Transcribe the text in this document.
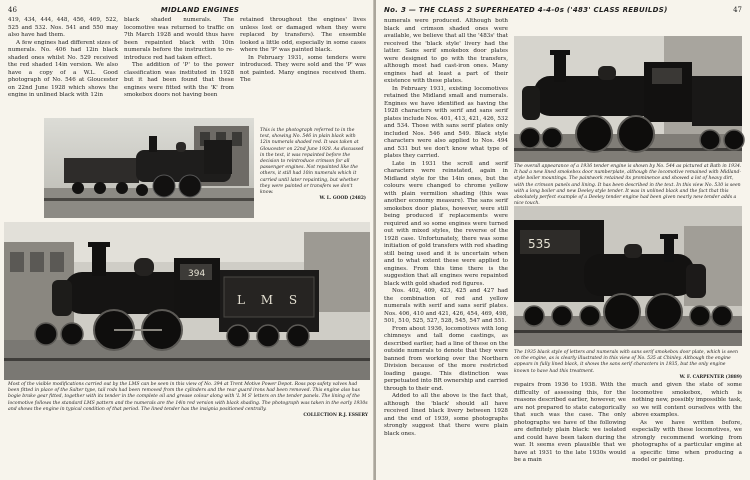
46	MIDLAND ENGINES

419, 434, 444, 448, 456, 469, 522, 525 and 532. Nos. 541 and 550 may also have had them.

A few engines had different sizes of numerals. No. 406 had 12in black shaded ones whilst No. 529 received the red shaded 14in version. We also have a copy of a W.L. Good photograph of No. 546 at Gloucester on 22nd June 1928 which shows the engine in unlined black with 12in

black shaded numerals. The locomotive was returned to traffic on 7th March 1928 and would thus have been repainted black with 10in numerals before the instruction to re-introduce red had taken effect.

The addition of 'P' to the power classification was instituted in 1928 but it had been found that these engines were fitted with the 'K' from smokebox doors not having been

retained throughout the engines' lives unless lost or damaged when they were replaced by transfers). The ensemble looked a little odd, especially in some cases where the 'P' was painted black.

In February 1931, some tenders were introduced. They were sold and the 'P' was not painted. Many engines received them. The

This is the photograph referred to in the text, showing No. 546 in plain black with 12in numerals shaded red. It was taken at Gloucester on 22nd June 1928. As discussed in the text, it was repainted before the decision to reintroduce crimson for all passenger engines. Not repainted like the others, it still had 10in numerals which it carried until later repainting, but whether they were painted or transfers we don't know.
W. L. GOOD (2482)
394
L M S
Most of the visible modifications carried out by the LMS can be seen in this view of No. 394 at Trent Motive Power Depot. Ross pop safety valves had been fitted in place of the Salter type, tail rods had been removed from the cylinders and the rear guard irons had been removed. This engine also has bogie brake gear fitted, together with its tender in the complete oil and grease colour along with 'L M S' letters on the tender panels. The lining of the locomotive follows the standard LMS pattern and the numerals are the 14in red version with black shading. The photograph was taken in the early 1930s and shows the engine in typical condition of that period. The lined tender has the insignia positioned centrally.
COLLECTION R.J. ESSERY
No. 3 — THE CLASS 2 SUPERHEATED 4-4-0s ('483' CLASS REBUILDS)	47

numerals were produced. Although both black and crimson shaded ones were available, we believe that all the '483s' that received the 'black style' livery had the latter. Sans serif smokebox door plates were designed to go with the transfers, although most had cast-iron ones. Many engines had at least a part of their existence with these plates.

In February 1931, existing locomotives retained the Midland small and numerals. Engines we have identified as having the 1928 characters with serif and sans serif plates include Nos. 401, 413, 421, 426, 532 and 534. Those with sans serif plates only included Nos. 546 and 549. Black style characters were also applied to Nos. 494 and 531 but we don't know what type of plates they carried.

Late in 1931 the scroll and serif characters were reinstated, again in Midland style for the 14in ones, but the colours were changed to chrome yellow with plain vermilion shading (this was another economy measure). The sans serif smokebox door plates, however, were still being produced if replacements were required and so some engines were turned out with mixed styles, the reverse of the 1928 case. Unfortunately, there was some initiation of gold transfers with red shading still being used and it is uncertain when and to what extent these were applied to engines. From this time there is the suggestion that all engines were repainted black with gold shaded red figures.

Nos. 402, 409, 423, 425 and 427 had the combination of red and yellow numerals with serif and sans serif plates. Nos. 406, 410 and 421, 426, 454, 469, 498, 501, 510, 525, 527, 528, 545, 547 and 551.

From about 1936, locomotives with long chimneys and tall dome castings, as described earlier, had a line of these on the outside numerals to denote that they were banned from working over the Northern Division because of the more restricted loading gauge. This distinction was perpetuated into BR ownership and carried through to their end.

Added to all the above is the fact that, although the 'black' should all have received lined black livery between 1928 and the end of 1939, some photographs strongly suggest that there were plain black ones.

The overall appearance of a 1936 tender engine is shown by No. 544 as pictured at Bath in 1934. It had a new lined smokebox door numberplate, although the locomotive remained with Midland-style boiler mountings. The paintwork retained its prominence and showed a lot of heavy dirt, with the crimson panels and lining. It has been described in the text. In this view No. 530 is seen with a long boiler and new Deeley style tender. It was in unlined black and the fact that this absolutely perfect example of a Deeley tender engine had been given nearly new tender adds a nice touch.
535
The 1935 black style of letters and numerals with sans serif smokebox door plate, which is seen on the engine, as is clearly illustrated in this view of No. 535 at Chinley. Although the engine appears in fully lined black, it shows the sans serif characters in 1935, but the only engine known to have had this treatment.
W. F. CARPENTER (3889)

repairs from 1936 to 1938. With the difficulty of assessing this, for the reasons described earlier, however, we are not prepared to state categorically that such was the case. The only photographs we have of the following are definitely plain black: we isolated and could have been taken during the war. It seems even plausible that we have at 1931 to the late 1930s would be a main

much and given the state of some locomotive smokebox, which is nothing new, possibly impossible task, so we will content ourselves with the above examples.

As we have written before, especially with these locomotives, we strongly recommend working from photographs of a particular engine at a specific time when producing a model or painting.
